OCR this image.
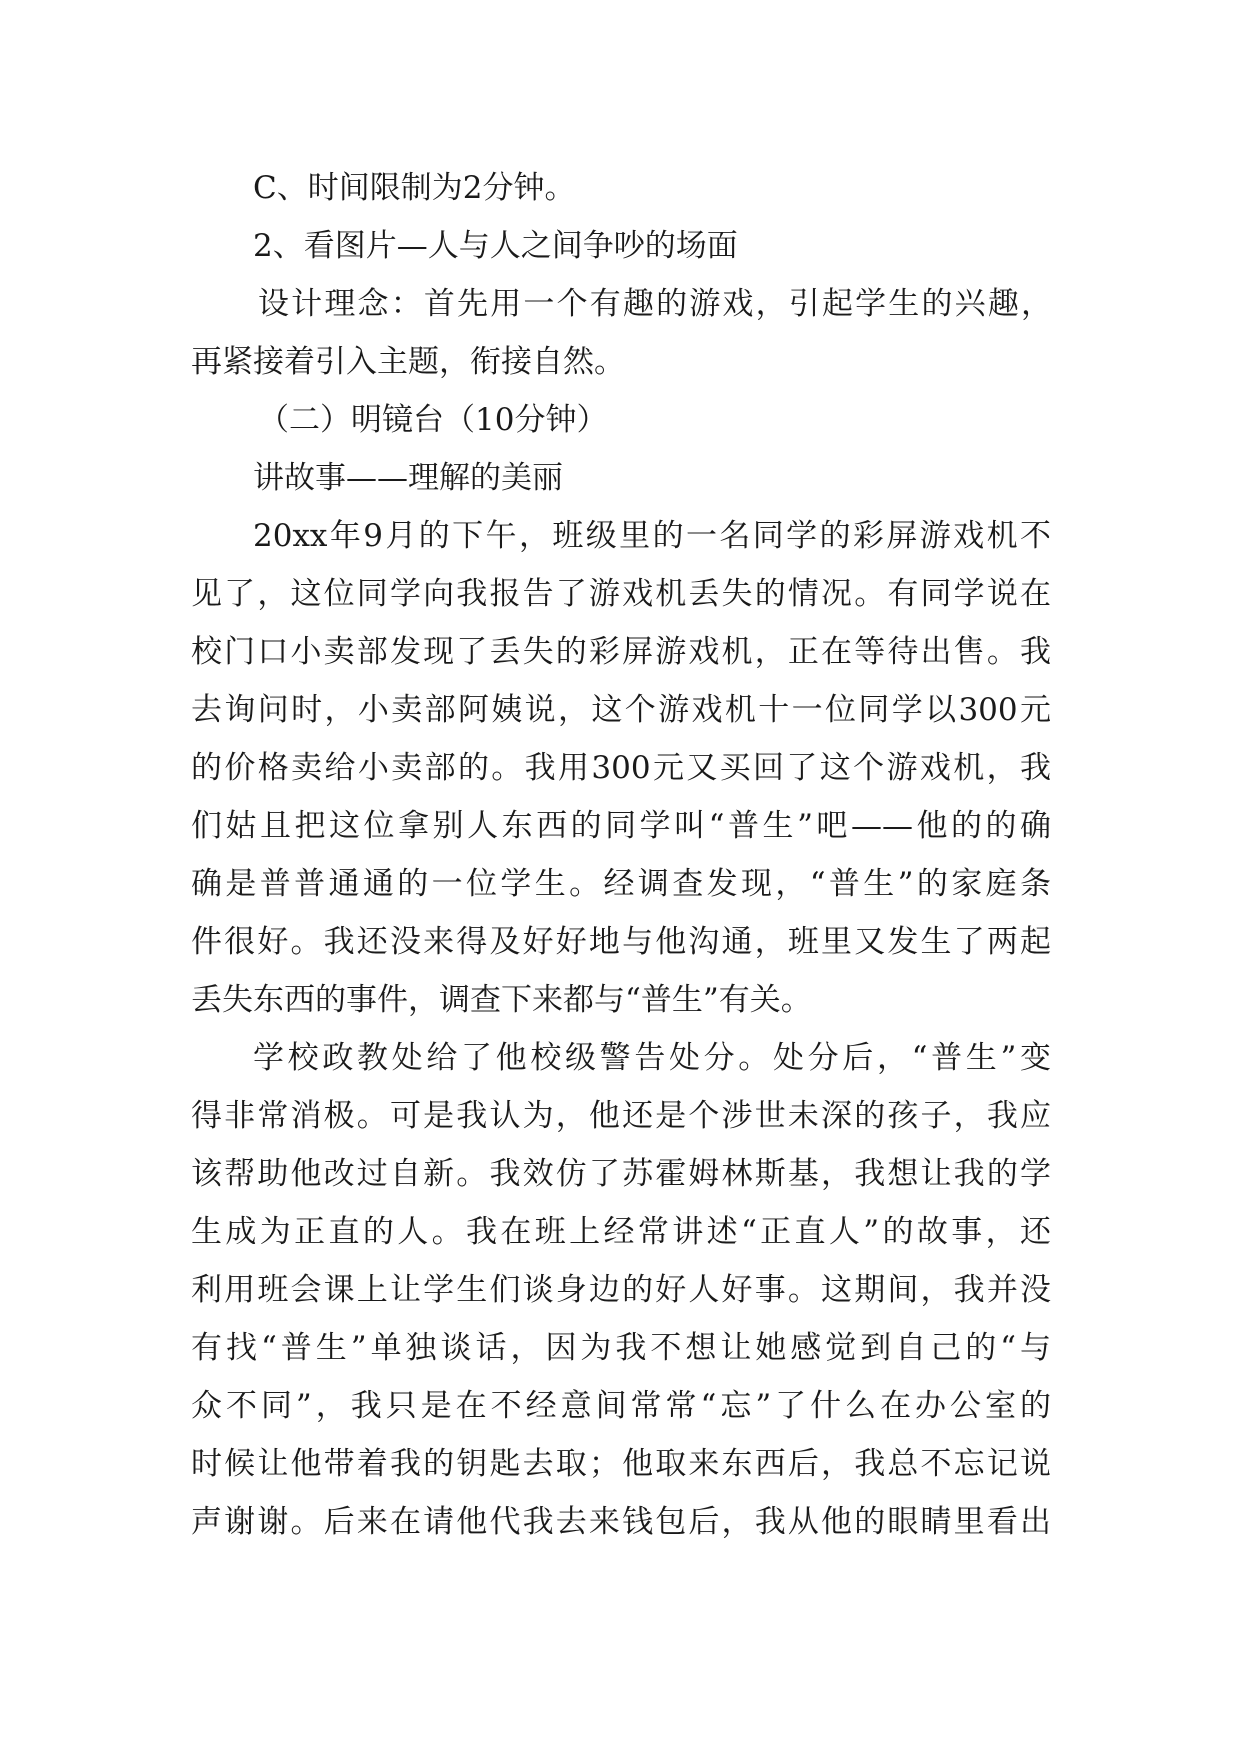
C、时间限制为2分钟。
2、看图片—人与人之间争吵的场面
设计理念：首先用一个有趣的游戏，引起学生的兴趣，
再紧接着引入主题，衔接自然。
（二）明镜台（10分钟）
讲故事——理解的美丽
20xx年9月的下午，班级里的一名同学的彩屏游戏机不
见了，这位同学向我报告了游戏机丢失的情况。有同学说在
校门口小卖部发现了丢失的彩屏游戏机，正在等待出售。我
去询问时，小卖部阿姨说，这个游戏机十一位同学以300元
的价格卖给小卖部的。我用300元又买回了这个游戏机，我
们姑且把这位拿别人东西的同学叫“普生”吧——他的的确
确是普普通通的一位学生。经调查发现，“普生”的家庭条
件很好。我还没来得及好好地与他沟通，班里又发生了两起
丢失东西的事件，调查下来都与“普生”有关。
学校政教处给了他校级警告处分。处分后，“普生”变
得非常消极。可是我认为，他还是个涉世未深的孩子，我应
该帮助他改过自新。我效仿了苏霍姆林斯基，我想让我的学
生成为正直的人。我在班上经常讲述“正直人”的故事，还
利用班会课上让学生们谈身边的好人好事。这期间，我并没
有找“普生”单独谈话，因为我不想让她感觉到自己的“与
众不同”，我只是在不经意间常常“忘”了什么在办公室的
时候让他带着我的钥匙去取；他取来东西后，我总不忘记说
声谢谢。后来在请他代我去来钱包后，我从他的眼睛里看出
